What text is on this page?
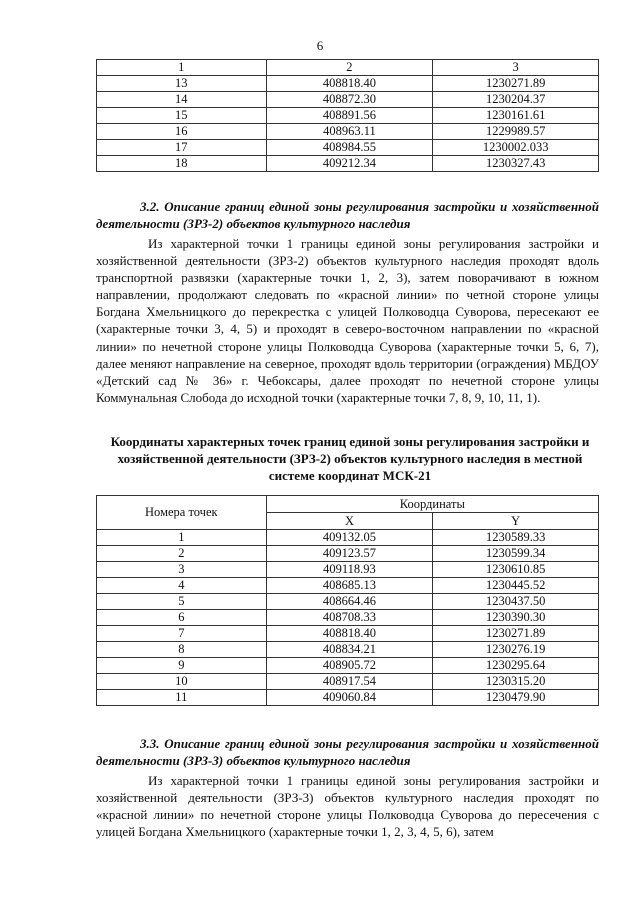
6
1	2	3
13	408818.40	1230271.89
14	408872.30	1230204.37
15	408891.56	1230161.61
16	408963.11	1229989.57
17	408984.55	1230002.033
18	409212.34	1230327.43
3.2. Описание границ единой зоны регулирования застройки и хозяйственной деятельности (ЗРЗ-2) объектов культурного наследия
Из характерной точки 1 границы единой зоны регулирования застройки и хозяйственной деятельности (ЗРЗ-2) объектов культурного наследия проходят вдоль транспортной развязки (характерные точки 1, 2, 3), затем поворачивают в южном направлении, продолжают следовать по «красной линии» по четной стороне улицы Богдана Хмельницкого до перекрестка с улицей Полководца Суворова, пересекают ее (характерные точки 3, 4, 5) и проходят в северо-восточном направлении по «красной линии» по нечетной стороне улицы Полководца Суворова (характерные точки 5, 6, 7), далее меняют направление на северное, проходят вдоль территории (ограждения) МБДОУ «Детский сад № 36» г. Чебоксары, далее проходят по нечетной стороне улицы Коммунальная Слобода до исходной точки (характерные точки 7, 8, 9, 10, 11, 1).
Координаты характерных точек границ единой зоны регулирования застройки и хозяйственной деятельности (ЗРЗ-2) объектов культурного наследия в местной системе координат МСК-21
Номера точек	Координаты	
	X	Y
1	409132.05	1230589.33
2	409123.57	1230599.34
3	409118.93	1230610.85
4	408685.13	1230445.52
5	408664.46	1230437.50
6	408708.33	1230390.30
7	408818.40	1230271.89
8	408834.21	1230276.19
9	408905.72	1230295.64
10	408917.54	1230315.20
11	409060.84	1230479.90
3.3. Описание границ единой зоны регулирования застройки и хозяйственной деятельности (ЗРЗ-3) объектов культурного наследия
Из характерной точки 1 границы единой зоны регулирования застройки и хозяйственной деятельности (ЗРЗ-3) объектов культурного наследия проходят по «красной линии» по нечетной стороне улицы Полководца Суворова до пересечения с улицей Богдана Хмельницкого (характерные точки 1, 2, 3, 4, 5, 6), затем
